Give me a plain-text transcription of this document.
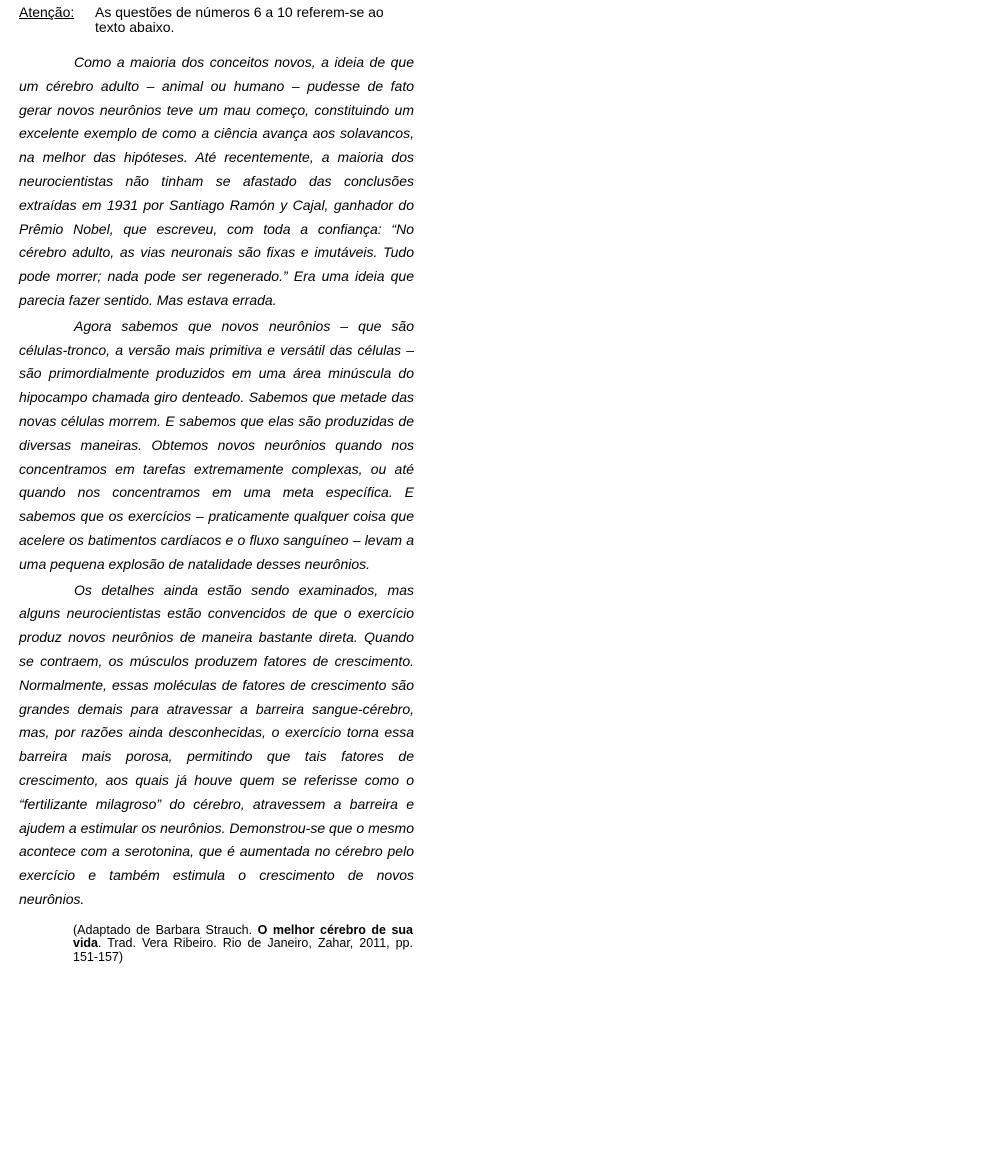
Atenção: As questões de números 6 a 10 referem-se ao texto abaixo.

Como a maioria dos conceitos novos, a ideia de que um cérebro adulto – animal ou humano – pudesse de fato gerar novos neurônios teve um mau começo, constituindo um excelente exemplo de como a ciência avança aos solavancos, na melhor das hipóteses. Até recentemente, a maioria dos neurocientistas não tinham se afastado das conclusões extraídas em 1931 por Santiago Ramón y Cajal, ganhador do Prêmio Nobel, que escreveu, com toda a confiança: “No cérebro adulto, as vias neuronais são fixas e imutáveis. Tudo pode morrer; nada pode ser regenerado.” Era uma ideia que parecia fazer sentido. Mas estava errada.

Agora sabemos que novos neurônios – que são células-tronco, a versão mais primitiva e versátil das células – são primordialmente produzidos em uma área minúscula do hipocampo chamada giro denteado. Sabemos que metade das novas células morrem. E sabemos que elas são produzidas de diversas maneiras. Obtemos novos neurônios quando nos concentramos em tarefas extremamente complexas, ou até quando nos concentramos em uma meta específica. E sabemos que os exercícios – praticamente qualquer coisa que acelere os batimentos cardíacos e o fluxo sanguíneo – levam a uma pequena explosão de natalidade desses neurônios.

Os detalhes ainda estão sendo examinados, mas alguns neurocientistas estão convencidos de que o exercício produz novos neurônios de maneira bastante direta. Quando se contraem, os músculos produzem fatores de crescimento. Normalmente, essas moléculas de fatores de crescimento são grandes demais para atravessar a barreira sangue-cérebro, mas, por razões ainda desconhecidas, o exercício torna essa barreira mais porosa, permitindo que tais fatores de crescimento, aos quais já houve quem se referisse como o “fertilizante milagroso” do cérebro, atravessem a barreira e ajudem a estimular os neurônios. Demonstrou-se que o mesmo acontece com a serotonina, que é aumentada no cérebro pelo exercício e também estimula o crescimento de novos neurônios.

(Adaptado de Barbara Strauch. O melhor cérebro de sua vida. Trad. Vera Ribeiro. Rio de Janeiro, Zahar, 2011, pp. 151-157)
